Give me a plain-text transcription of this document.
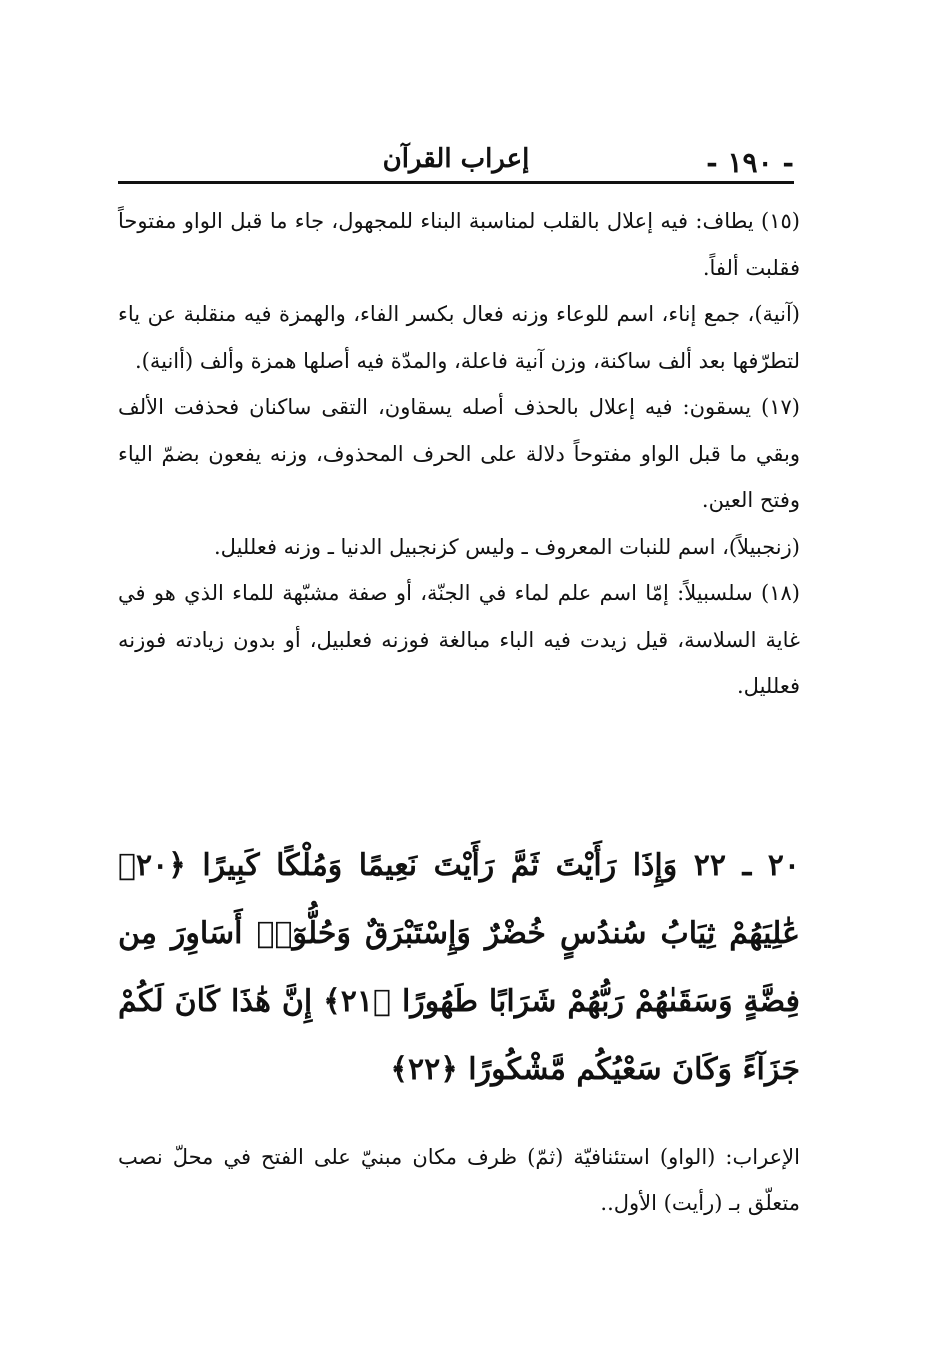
- ١٩٠ -
إعراب القرآن

(١٥) يطاف: فيه إعلال بالقلب لمناسبة البناء للمجهول، جاء ما قبل الواو مفتوحاً فقلبت ألفاً.

(آنية)، جمع إناء، اسم للوعاء وزنه فعال بكسر الفاء، والهمزة فيه منقلبة عن ياء لتطرّفها بعد ألف ساكنة، وزن آنية فاعلة، والمدّة فيه أصلها همزة وألف (أانية).

(١٧) يسقون: فيه إعلال بالحذف أصله يسقاون، التقى ساكنان فحذفت الألف وبقي ما قبل الواو مفتوحاً دلالة على الحرف المحذوف، وزنه يفعون بضمّ الياء وفتح العين.

(زنجبيلاً)، اسم للنبات المعروف ـ وليس كزنجبيل الدنيا ـ وزنه فعلليل.

(١٨) سلسبيلاً: إمّا اسم علم لماء في الجنّة، أو صفة مشبّهة للماء الذي هو في غاية السلاسة، قيل زيدت فيه الباء مبالغة فوزنه فعلبيل، أو بدون زيادته فوزنه فعلليل.

٢٠ ـ ٢٢ وَإِذَا رَأَيْتَ ثَمَّ رَأَيْتَ نَعِيمًا وَمُلْكًا كَبِيرًا ﴿٢٠﴾ عَٰلِيَهُمْ ثِيَابُ سُندُسٍ خُضْرٌ وَإِسْتَبْرَقٌ وَحُلُّوٓا۟ أَسَاوِرَ مِن فِضَّةٍ وَسَقَىٰهُمْ رَبُّهُمْ شَرَابًا طَهُورًا ﴿٢١﴾ إِنَّ هَٰذَا كَانَ لَكُمْ جَزَآءً وَكَانَ سَعْيُكُم مَّشْكُورًا ﴿٢٢﴾

الإعراب: (الواو) استئنافيّة (ثمّ) ظرف مكان مبنيّ على الفتح في محلّ نصب متعلّق بـ (رأيت) الأول..
